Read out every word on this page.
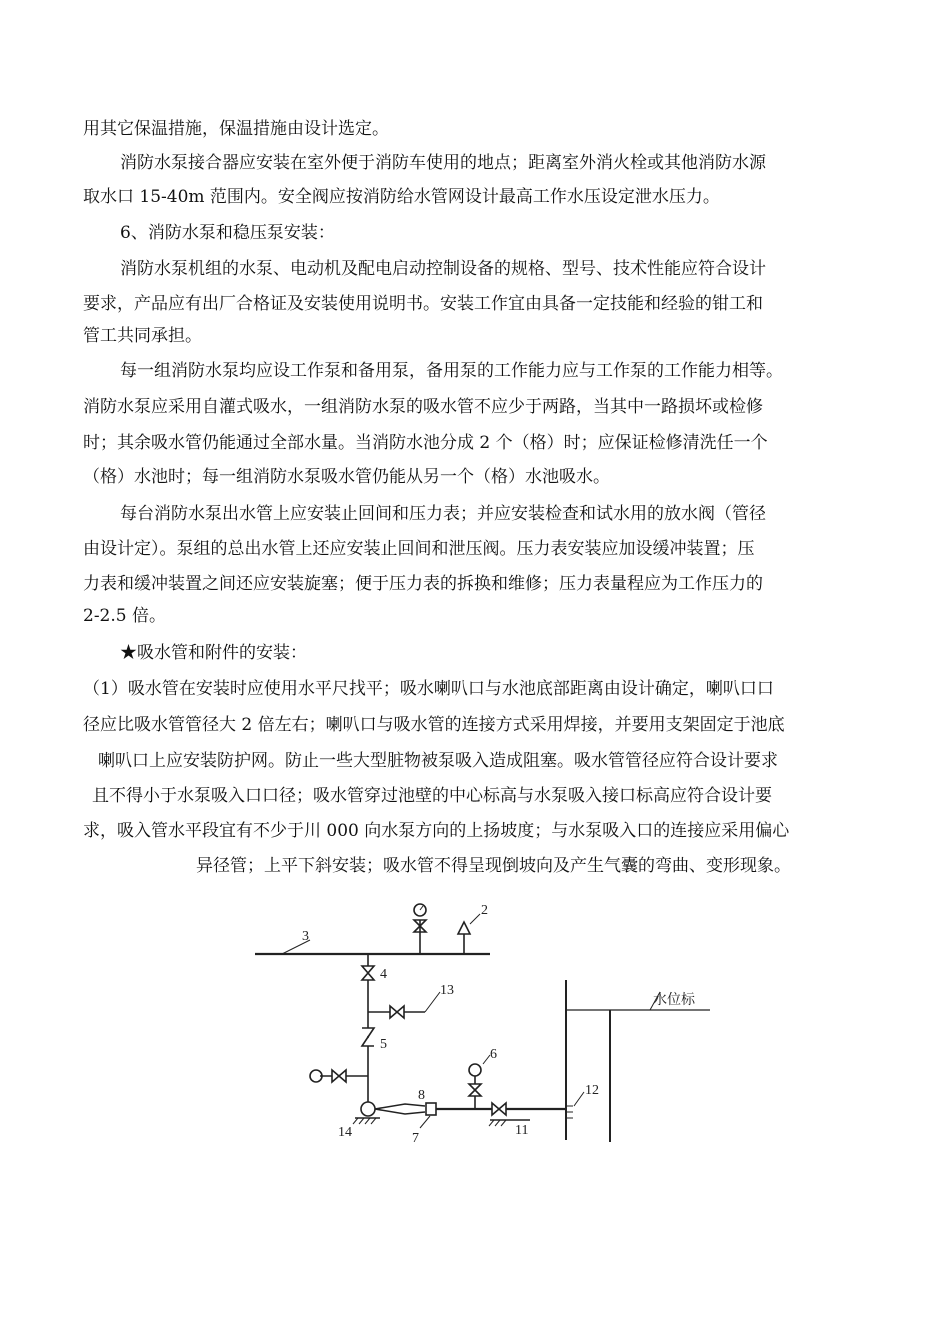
用其它保温措施，保温措施由设计选定。
消防水泵接合器应安装在室外便于消防车使用的地点；距离室外消火栓或其他消防水源
取水口 15-40m 范围内。安全阀应按消防给水管网设计最高工作水压设定泄水压力。
6、消防水泵和稳压泵安装：
消防水泵机组的水泵、电动机及配电启动控制设备的规格、型号、技术性能应符合设计
要求，产品应有出厂合格证及安装使用说明书。安装工作宜由具备一定技能和经验的钳工和
管工共同承担。
每一组消防水泵均应设工作泵和备用泵，备用泵的工作能力应与工作泵的工作能力相等。
消防水泵应采用自灌式吸水，一组消防水泵的吸水管不应少于两路，当其中一路损坏或检修
时；其余吸水管仍能通过全部水量。当消防水池分成 2 个（格）时；应保证检修清洗任一个
（格）水池时；每一组消防水泵吸水管仍能从另一个（格）水池吸水。
每台消防水泵出水管上应安装止回间和压力表；并应安装检查和试水用的放水阀（管径
由设计定）。泵组的总出水管上还应安装止回间和泄压阀。压力表安装应加设缓冲装置；压
力表和缓冲装置之间还应安装旋塞；便于压力表的拆换和维修；压力表量程应为工作压力的
2-2.5 倍。
★吸水管和附件的安装：
（1）吸水管在安装时应使用水平尺找平；吸水喇叭口与水池底部距离由设计确定，喇叭口口
径应比吸水管管径大 2 倍左右；喇叭口与吸水管的连接方式采用焊接，并要用支架固定于池底
喇叭口上应安装防护网。防止一些大型脏物被泵吸入造成阻塞。吸水管管径应符合设计要求
且不得小于水泵吸入口口径；吸水管穿过池壁的中心标高与水泵吸入接口标高应符合设计要
求，吸入管水平段宜有不少于川 000 向水泵方向的上扬坡度；与水泵吸入口的连接应采用偏心
异径管；上平下斜安装；吸水管不得呈现倒坡向及产生气囊的弯曲、变形现象。
3
2
4
13
5
14
8
7
6
11
12
水位标
